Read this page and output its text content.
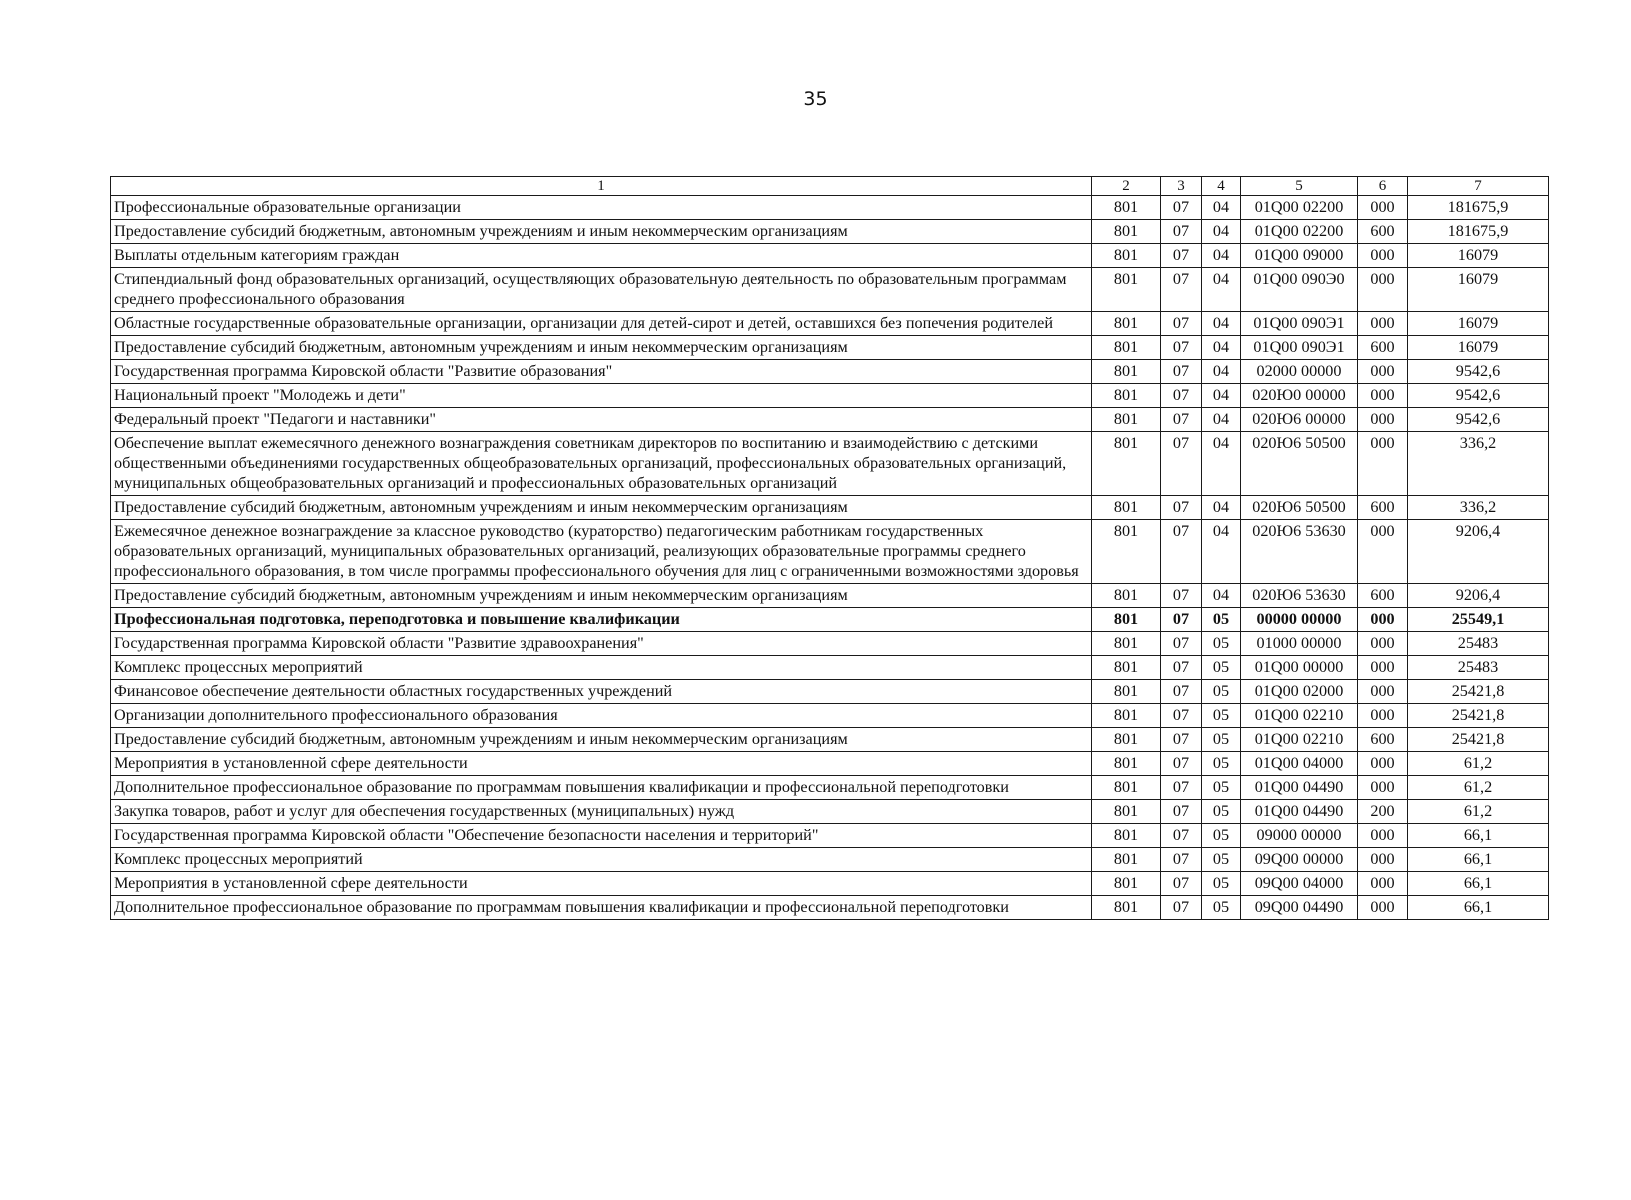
35
1	2	3	4	5	6	7
Профессиональные образовательные организации	801	07	04	01Q00 02200	000	181675,9
Предоставление субсидий бюджетным, автономным учреждениям и иным некоммерческим организациям	801	07	04	01Q00 02200	600	181675,9
Выплаты отдельным категориям граждан	801	07	04	01Q00 09000	000	16079
Стипендиальный фонд образовательных организаций, осуществляющих образовательную деятельность по образовательным программам среднего профессионального образования	801	07	04	01Q00 090Э0	000	16079
Областные государственные образовательные организации, организации для детей-сирот и детей, оставшихся без попечения родителей	801	07	04	01Q00 090Э1	000	16079
Предоставление субсидий бюджетным, автономным учреждениям и иным некоммерческим организациям	801	07	04	01Q00 090Э1	600	16079
Государственная программа Кировской области "Развитие образования"	801	07	04	02000 00000	000	9542,6
Национальный проект "Молодежь и дети"	801	07	04	020Ю0 00000	000	9542,6
Федеральный проект "Педагоги и наставники"	801	07	04	020Ю6 00000	000	9542,6
Обеспечение выплат ежемесячного денежного вознаграждения советникам директоров по воспитанию и взаимодействию с детскими общественными объединениями государственных общеобразовательных организаций, профессиональных образовательных организаций, муниципальных общеобразовательных организаций и профессиональных образовательных организаций	801	07	04	020Ю6 50500	000	336,2
Предоставление субсидий бюджетным, автономным учреждениям и иным некоммерческим организациям	801	07	04	020Ю6 50500	600	336,2
Ежемесячное денежное вознаграждение за классное руководство (кураторство) педагогическим работникам государственных образовательных организаций, муниципальных образовательных организаций, реализующих образовательные программы среднего профессионального образования, в том числе программы профессионального обучения для лиц с ограниченными возможностями здоровья	801	07	04	020Ю6 53630	000	9206,4
Предоставление субсидий бюджетным, автономным учреждениям и иным некоммерческим организациям	801	07	04	020Ю6 53630	600	9206,4
Профессиональная подготовка, переподготовка и повышение квалификации	801	07	05	00000 00000	000	25549,1
Государственная программа Кировской области "Развитие здравоохранения"	801	07	05	01000 00000	000	25483
Комплекс процессных мероприятий	801	07	05	01Q00 00000	000	25483
Финансовое обеспечение деятельности областных государственных учреждений	801	07	05	01Q00 02000	000	25421,8
Организации дополнительного профессионального образования	801	07	05	01Q00 02210	000	25421,8
Предоставление субсидий бюджетным, автономным учреждениям и иным некоммерческим организациям	801	07	05	01Q00 02210	600	25421,8
Мероприятия в установленной сфере деятельности	801	07	05	01Q00 04000	000	61,2
Дополнительное профессиональное образование по программам повышения квалификации и профессиональной переподготовки	801	07	05	01Q00 04490	000	61,2
Закупка товаров, работ и услуг для обеспечения государственных (муниципальных) нужд	801	07	05	01Q00 04490	200	61,2
Государственная программа Кировской области "Обеспечение безопасности населения и территорий"	801	07	05	09000 00000	000	66,1
Комплекс процессных мероприятий	801	07	05	09Q00 00000	000	66,1
Мероприятия в установленной сфере деятельности	801	07	05	09Q00 04000	000	66,1
Дополнительное профессиональное образование по программам повышения квалификации и профессиональной переподготовки	801	07	05	09Q00 04490	000	66,1
